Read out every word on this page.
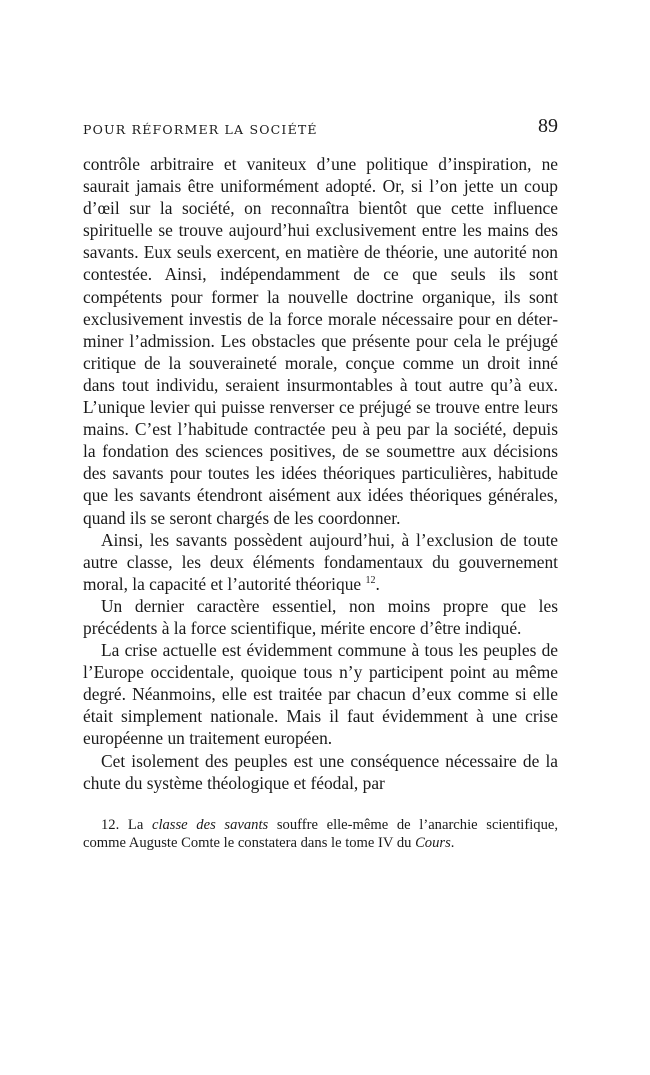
POUR RÉFORMER LA SOCIÉTÉ	89

contrôle arbitraire et vaniteux d’une politique d’inspiration, ne saurait jamais être uniformément adopté. Or, si l’on jette un coup d’œil sur la société, on reconnaîtra bientôt que cette influence spirituelle se trouve aujourd’hui exclusivement entre les mains des savants. Eux seuls exercent, en matière de théorie, une autorité non contestée. Ainsi, indépendamment de ce que seuls ils sont compétents pour former la nouvelle doctrine organique, ils sont exclusivement investis de la force morale nécessaire pour en déterminer l’admission. Les obstacles que présente pour cela le préjugé critique de la souveraineté morale, conçue comme un droit inné dans tout individu, seraient insurmontables à tout autre qu’à eux. L’unique levier qui puisse renverser ce préjugé se trouve entre leurs mains. C’est l’habitude contractée peu à peu par la société, depuis la fondation des sciences positives, de se soumettre aux décisions des savants pour toutes les idées théoriques particulières, habitude que les savants étendront aisément aux idées théoriques générales, quand ils se seront chargés de les coordonner.

Ainsi, les savants possèdent aujourd’hui, à l’exclusion de toute autre classe, les deux éléments fondamentaux du gouvernement moral, la capacité et l’autorité théorique $^{12}$.

Un dernier caractère essentiel, non moins propre que les précédents à la force scientifique, mérite encore d’être indiqué.

La crise actuelle est évidemment commune à tous les peuples de l’Europe occidentale, quoique tous n’y participent point au même degré. Néanmoins, elle est traitée par chacun d’eux comme si elle était simplement nationale. Mais il faut évidemment à une crise européenne un traitement européen.

Cet isolement des peuples est une conséquence nécessaire de la chute du système théologique et féodal, par

12. La classe des savants souffre elle-même de l’anarchie scientifique, comme Auguste Comte le constatera dans le tome IV du Cours.
